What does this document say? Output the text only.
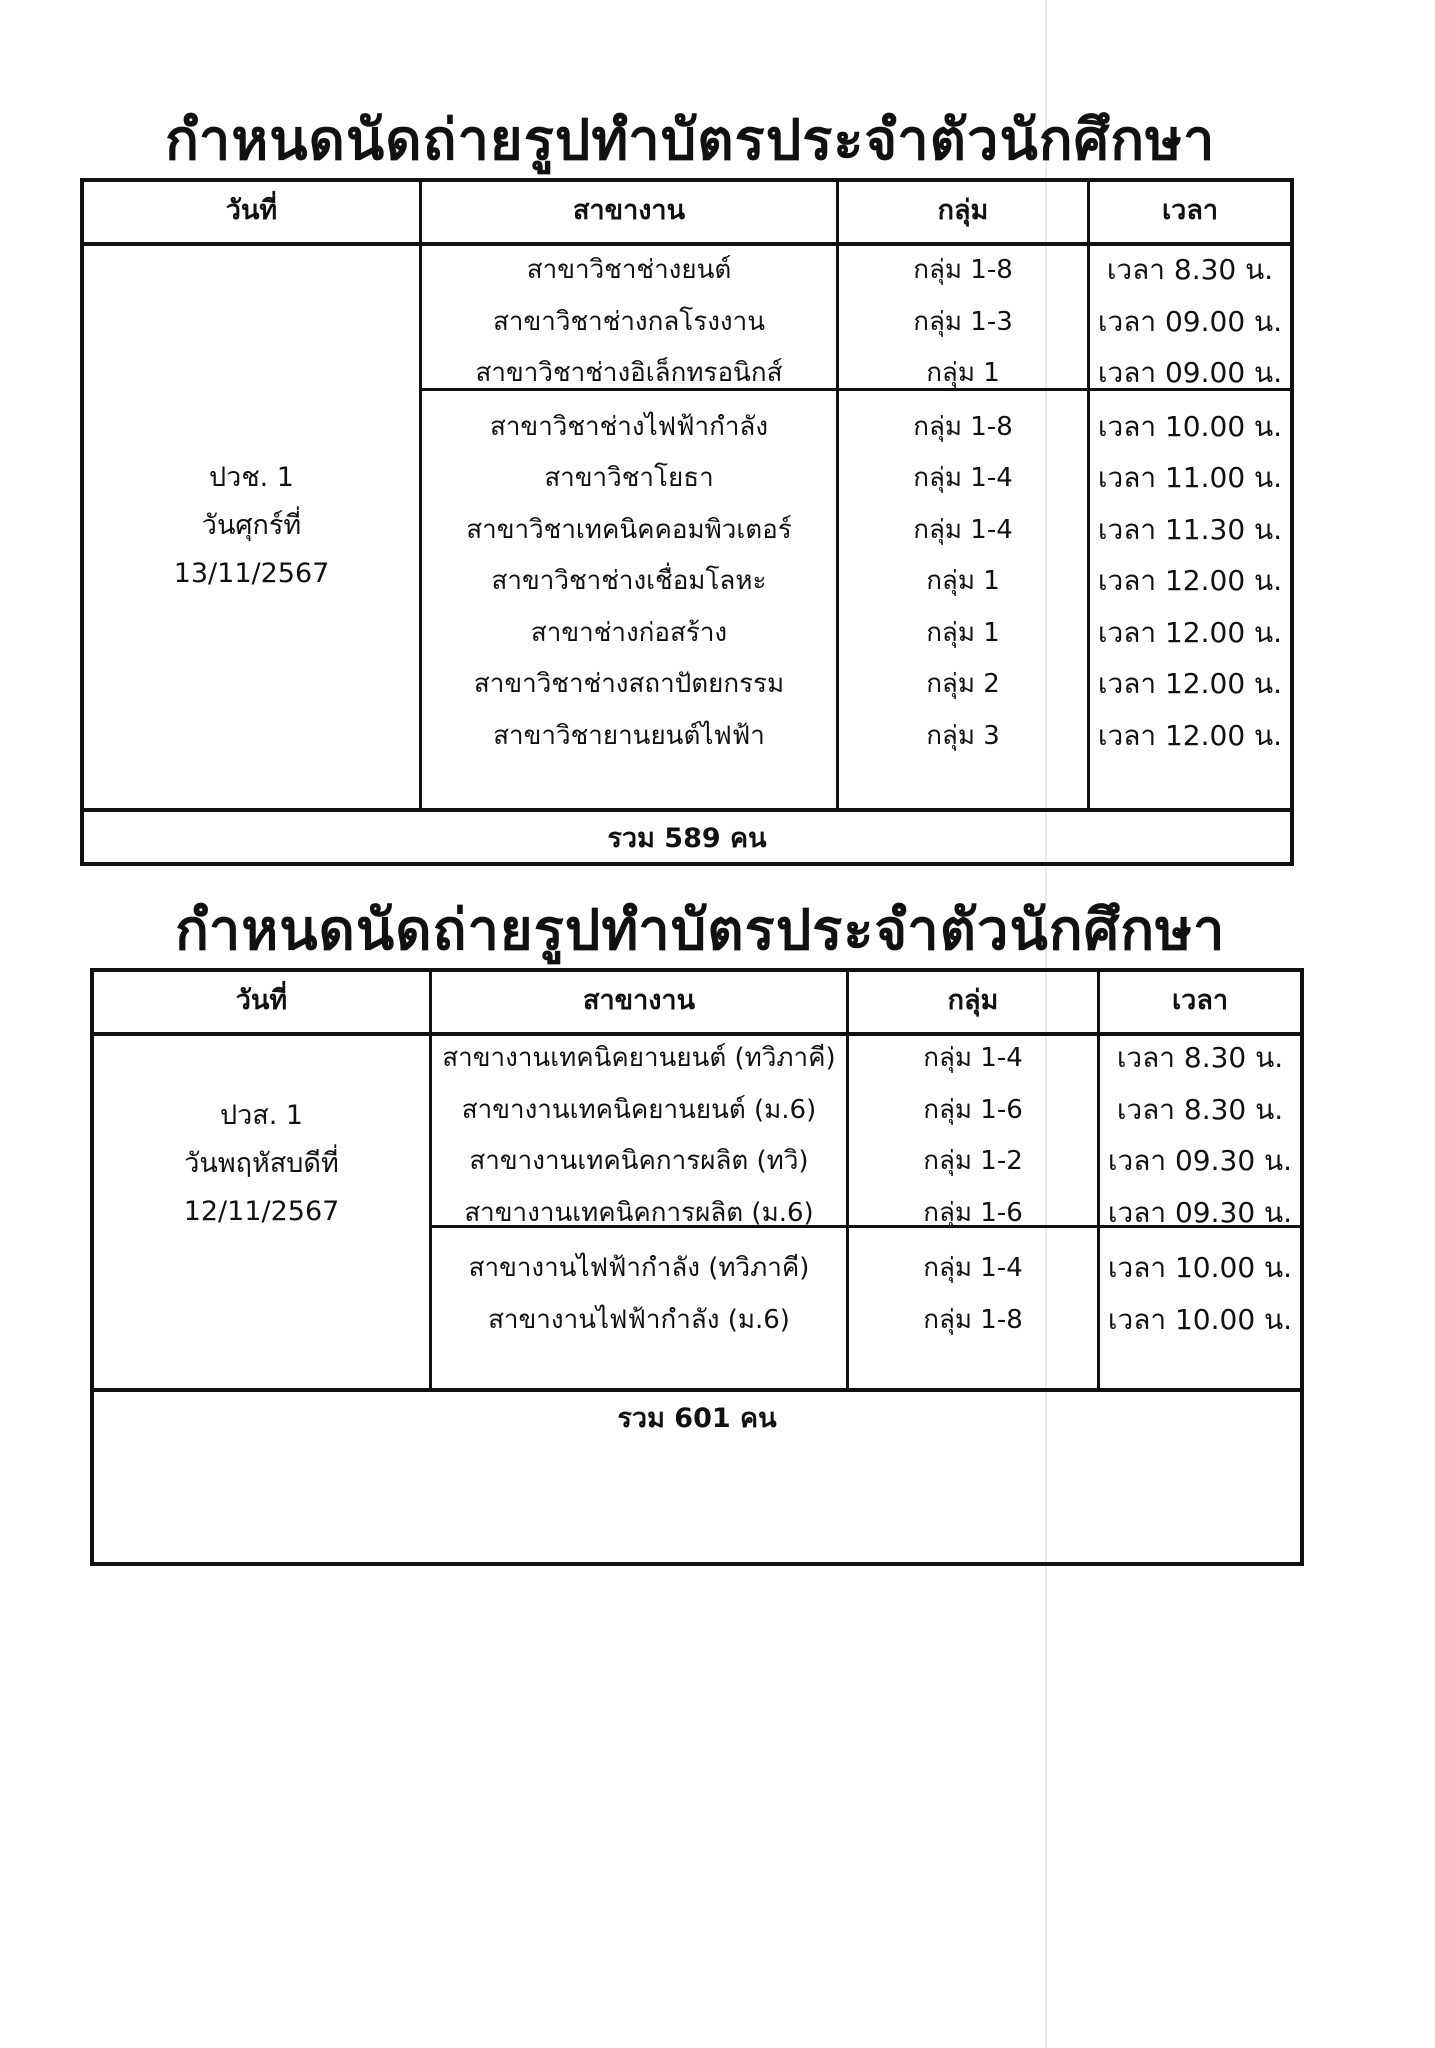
กำหนดนัดถ่ายรูปทำบัตรประจำตัวนักศึกษา
วันที่	สาขางาน	กลุ่ม	เวลา
ปวช. 1
วันศุกร์ที่
13/11/2567
สาขาวิชาช่างยนต์	กลุ่ม 1-8	เวลา 8.30 น.
สาขาวิชาช่างกลโรงงาน	กลุ่ม 1-3	เวลา 09.00 น.
สาขาวิชาช่างอิเล็กทรอนิกส์	กลุ่ม 1	เวลา 09.00 น.
สาขาวิชาช่างไฟฟ้ากำลัง	กลุ่ม 1-8	เวลา 10.00 น.
สาขาวิชาโยธา	กลุ่ม 1-4	เวลา 11.00 น.
สาขาวิชาเทคนิคคอมพิวเตอร์	กลุ่ม 1-4	เวลา 11.30 น.
สาขาวิชาช่างเชื่อมโลหะ	กลุ่ม 1	เวลา 12.00 น.
สาขาช่างก่อสร้าง	กลุ่ม 1	เวลา 12.00 น.
สาขาวิชาช่างสถาปัตยกรรม	กลุ่ม 2	เวลา 12.00 น.
สาขาวิชายานยนต์ไฟฟ้า	กลุ่ม 3	เวลา 12.00 น.
รวม 589 คน
กำหนดนัดถ่ายรูปทำบัตรประจำตัวนักศึกษา
วันที่	สาขางาน	กลุ่ม	เวลา
ปวส. 1
วันพฤหัสบดีที่
12/11/2567
สาขางานเทคนิคยานยนต์ (ทวิภาคี)	กลุ่ม 1-4	เวลา 8.30 น.
สาขางานเทคนิคยานยนต์ (ม.6)	กลุ่ม 1-6	เวลา 8.30 น.
สาขางานเทคนิคการผลิต (ทวิ)	กลุ่ม 1-2	เวลา 09.30 น.
สาขางานเทคนิคการผลิต (ม.6)	กลุ่ม 1-6	เวลา 09.30 น.
สาขางานไฟฟ้ากำลัง (ทวิภาคี)	กลุ่ม 1-4	เวลา 10.00 น.
สาขางานไฟฟ้ากำลัง (ม.6)	กลุ่ม 1-8	เวลา 10.00 น.
รวม 601 คน
